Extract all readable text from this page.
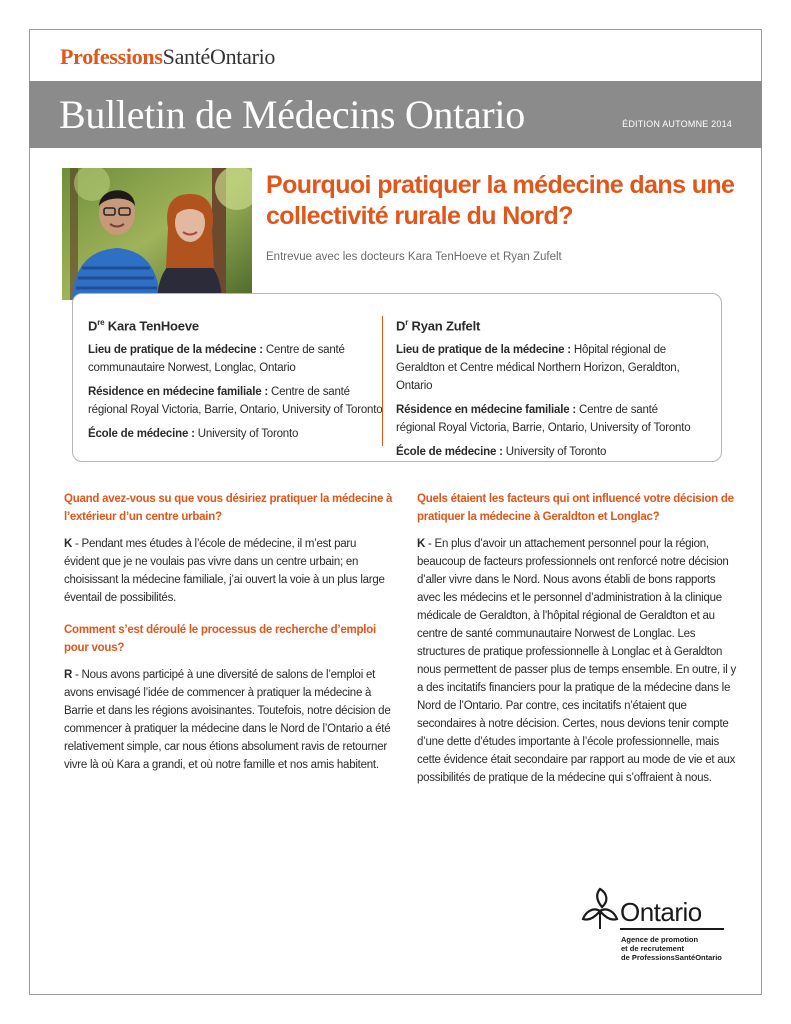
ProfessionsSantéOntario
Bulletin de Médecins Ontario	ÉDITION AUTOMNE 2014
Pourquoi pratiquer la médecine dans une collectivité rurale du Nord?
Entrevue avec les docteurs Kara TenHoeve et Ryan Zufelt
Dre Kara TenHoeve
Lieu de pratique de la médecine : Centre de santé communautaire Norwest, Longlac, Ontario
Résidence en médecine familiale : Centre de santé régional Royal Victoria, Barrie, Ontario, University of Toronto
École de médecine : University of Toronto
$D^r$ Ryan Zufelt
Lieu de pratique de la médecine : Hôpital régional de Geraldton et Centre médical Northern Horizon, Geraldton, Ontario
Résidence en médecine familiale : Centre de santé régional Royal Victoria, Barrie, Ontario, University of Toronto
École de médecine : University of Toronto
Quand avez-vous su que vous désiriez pratiquer la médecine à l’extérieur d’un centre urbain?
K - Pendant mes études à l’école de médecine, il m’est paru évident que je ne voulais pas vivre dans un centre urbain; en choisissant la médecine familiale, j’ai ouvert la voie à un plus large éventail de possibilités.
Comment s’est déroulé le processus de recherche d’emploi pour vous?
R - Nous avons participé à une diversité de salons de l’emploi et avons envisagé l’idée de commencer à pratiquer la médecine à Barrie et dans les régions avoisinantes. Toutefois, notre décision de commencer à pratiquer la médecine dans le Nord de l’Ontario a été relativement simple, car nous étions absolument ravis de retourner vivre là où Kara a grandi, et où notre famille et nos amis habitent.
Quels étaient les facteurs qui ont influencé votre décision de pratiquer la médecine à Geraldton et Longlac?
K - En plus d’avoir un attachement personnel pour la région, beaucoup de facteurs professionnels ont renforcé notre décision d’aller vivre dans le Nord. Nous avons établi de bons rapports avec les médecins et le personnel d’administration à la clinique médicale de Geraldton, à l’hôpital régional de Geraldton et au centre de santé communautaire Norwest de Longlac. Les structures de pratique professionnelle à Longlac et à Geraldton nous permettent de passer plus de temps ensemble. En outre, il y a des incitatifs financiers pour la pratique de la médecine dans le Nord de l’Ontario. Par contre, ces incitatifs n’étaient que secondaires à notre décision. Certes, nous devions tenir compte d’une dette d’études importante à l’école professionnelle, mais cette évidence était secondaire par rapport au mode de vie et aux possibilités de pratique de la médecine qui s’offraient à nous.
Ontario
Agence de promotion
et de recrutement
de ProfessionsSantéOntario
